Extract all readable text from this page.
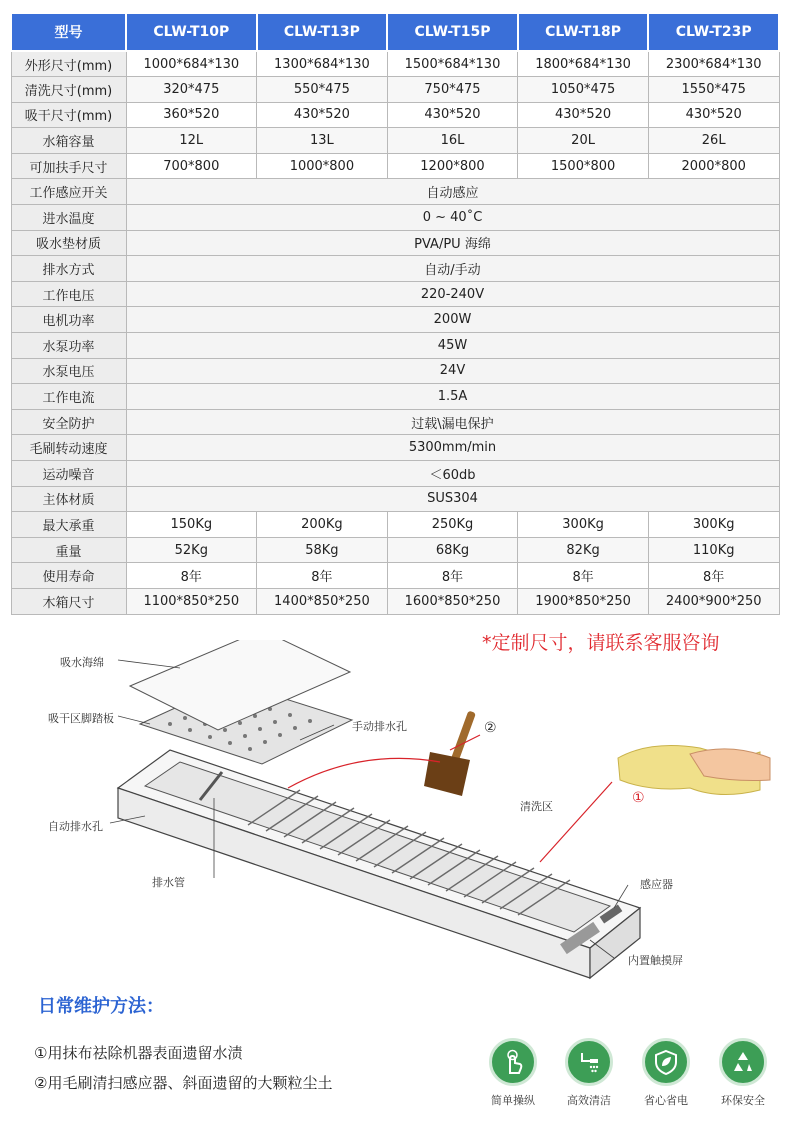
型号	CLW-T10P	CLW-T13P	CLW-T15P	CLW-T18P	CLW-T23P
外形尺寸(mm)	1000*684*130	1300*684*130	1500*684*130	1800*684*130	2300*684*130
清洗尺寸(mm)	320*475	550*475	750*475	1050*475	1550*475
吸干尺寸(mm)	360*520	430*520	430*520	430*520	430*520
水箱容量	12L	13L	16L	20L	26L
可加扶手尺寸	700*800	1000*800	1200*800	1500*800	2000*800
工作感应开关	自动感应				
进水温度	0 ~ 40˚C				
吸水垫材质	PVA/PU 海绵				
排水方式	自动/手动				
工作电压	220-240V				
电机功率	200W				
水泵功率	45W				
水泵电压	24V				
工作电流	1.5A				
安全防护	过载\漏电保护				
毛刷转动速度	5300mm/min				
运动噪音	＜60db				
主体材质	SUS304				
最大承重	150Kg	200Kg	250Kg	300Kg	300Kg
重量	52Kg	58Kg	68Kg	82Kg	110Kg
使用寿命	8年	8年	8年	8年	8年
木箱尺寸	1100*850*250	1400*850*250	1600*850*250	1900*850*250	2400*900*250
*定制尺寸，请联系客服咨询
吸水海绵
吸干区脚踏板
手动排水孔
自动排水孔
清洗区
排水管	感应器
内置触摸屏
①
②
日常维护方法：
①用抹布祛除机器表面遗留水渍
②用毛刷清扫感应器、斜面遗留的大颗粒尘土
简单操纵	高效清洁	省心省电	环保安全
